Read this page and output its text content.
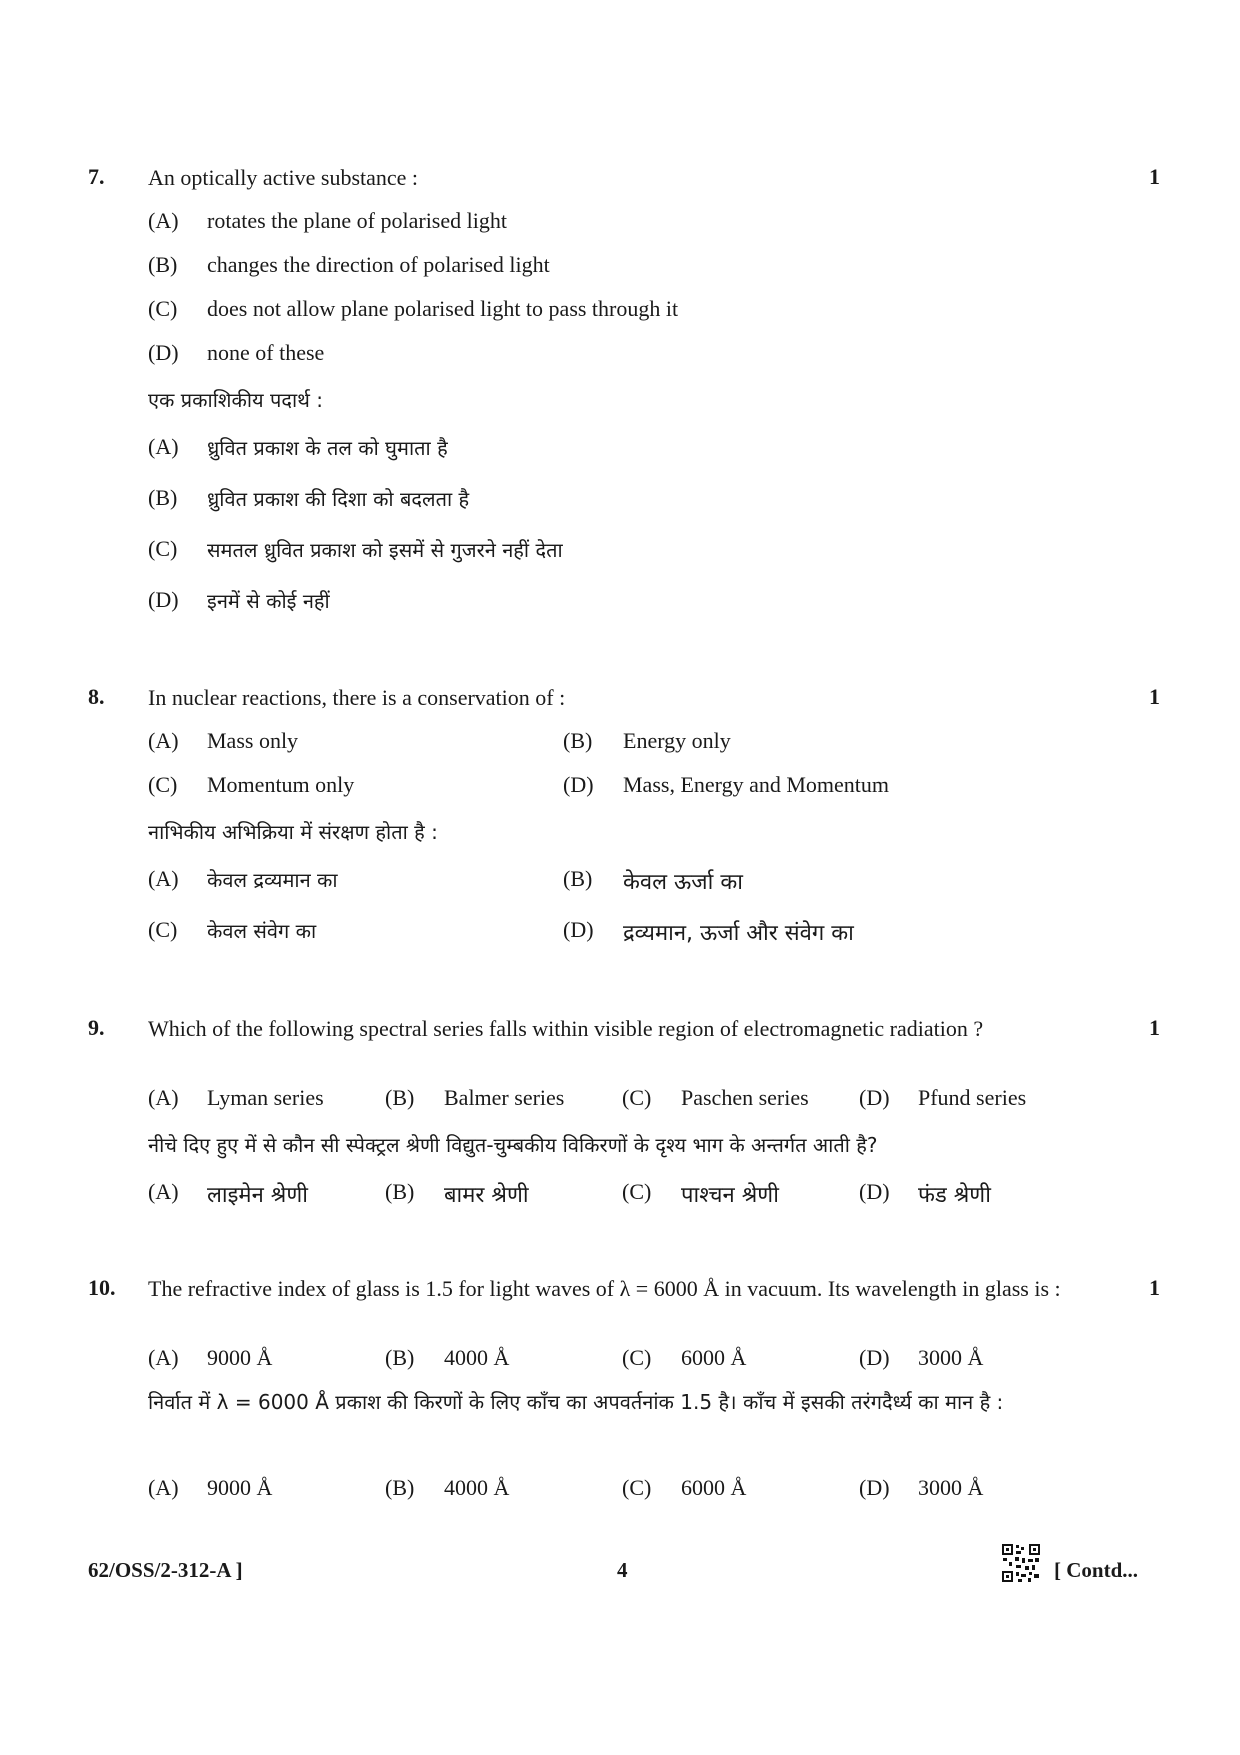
7. An optically active substance :	1
(A) rotates the plane of polarised light
(B) changes the direction of polarised light
(C) does not allow plane polarised light to pass through it
(D) none of these
एक प्रकाशिकीय पदार्थ :
(A) ध्रुवित प्रकाश के तल को घुमाता है
(B) ध्रुवित प्रकाश की दिशा को बदलता है
(C) समतल ध्रुवित प्रकाश को इसमें से गुजरने नहीं देता
(D) इनमें से कोई नहीं
8. In nuclear reactions, there is a conservation of :	1
(A) Mass only	(B) Energy only
(C) Momentum only	(D) Mass, Energy and Momentum
नाभिकीय अभिक्रिया में संरक्षण होता है :
(A) केवल द्रव्यमान का	(B) केवल ऊर्जा का
(C) केवल संवेग का	(D) द्रव्यमान, ऊर्जा और संवेग का
9. Which of the following spectral series falls within visible region of electromagnetic radiation ?	1
(A) Lyman series	(B) Balmer series	(C) Paschen series (D) Pfund series
नीचे दिए हुए में से कौन सी स्पेक्ट्रल श्रेणी विद्युत-चुम्बकीय विकिरणों के दृश्य भाग के अन्तर्गत आती है?
(A) लाइमेन श्रेणी	(B) बामर श्रेणी	(C) पाश्चन श्रेणी	(D) फंड श्रेणी
10. The refractive index of glass is 1.5 for light waves of λ = 6000 Å in vacuum. Its wavelength in glass is :	1
(A) 9000 Å	(B) 4000 Å	(C) 6000 Å	(D) 3000 Å
निर्वात में λ = 6000 Å प्रकाश की किरणों के लिए काँच का अपवर्तनांक 1.5 है। काँच में इसकी तरंगदैर्ध्य का मान है :
(A) 9000 Å	(B) 4000 Å	(C) 6000 Å	(D) 3000 Å
62/OSS/2-312-A ]	4	[ Contd...
